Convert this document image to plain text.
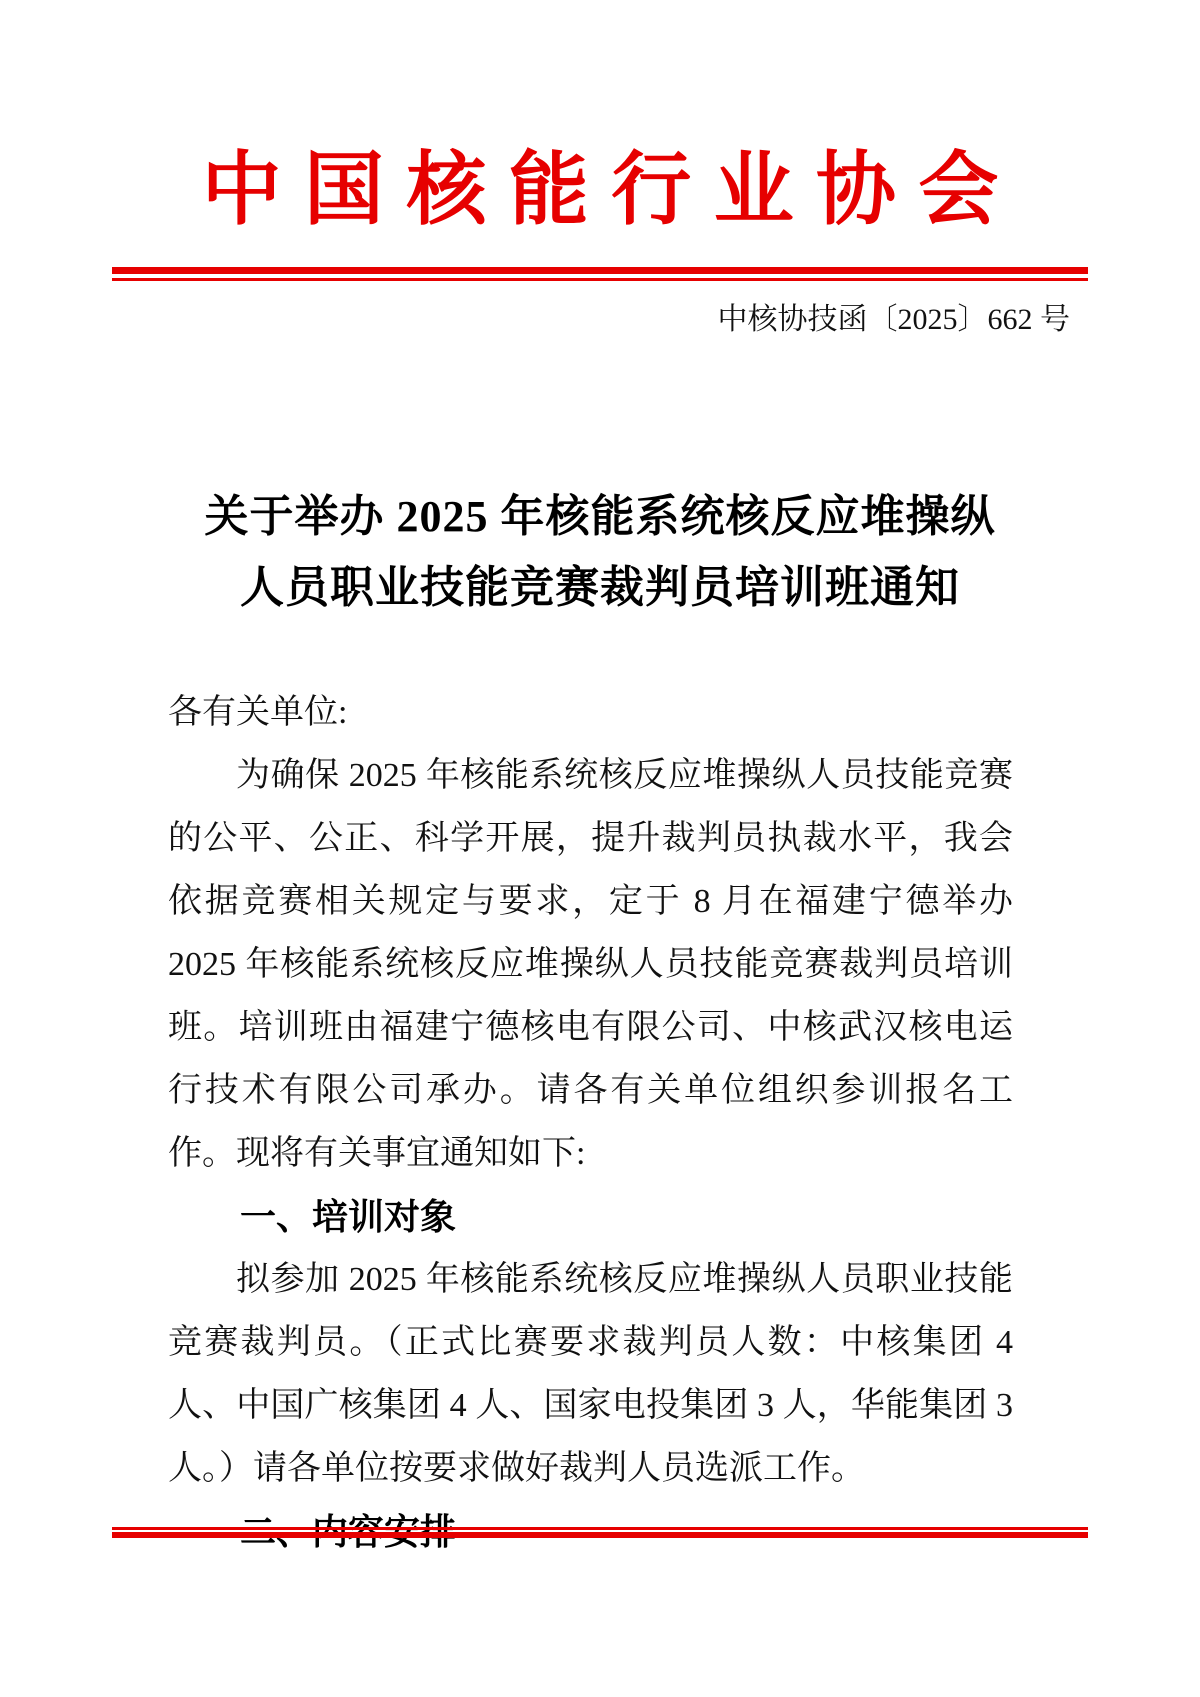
中国核能行业协会
中核协技函〔2025〕662 号
关于举办 2025 年核能系统核反应堆操纵
人员职业技能竞赛裁判员培训班通知

各有关单位:

为确保 2025 年核能系统核反应堆操纵人员技能竞赛的公平、公正、科学开展，提升裁判员执裁水平，我会依据竞赛相关规定与要求，定于 8 月在福建宁德举办 2025 年核能系统核反应堆操纵人员技能竞赛裁判员培训班。培训班由福建宁德核电有限公司、中核武汉核电运行技术有限公司承办。请各有关单位组织参训报名工作。现将有关事宜通知如下:

一、培训对象

拟参加 2025 年核能系统核反应堆操纵人员职业技能竞赛裁判员。（正式比赛要求裁判员人数：中核集团 4 人、中国广核集团 4 人、国家电投集团 3 人，华能集团 3 人。）请各单位按要求做好裁判人员选派工作。
